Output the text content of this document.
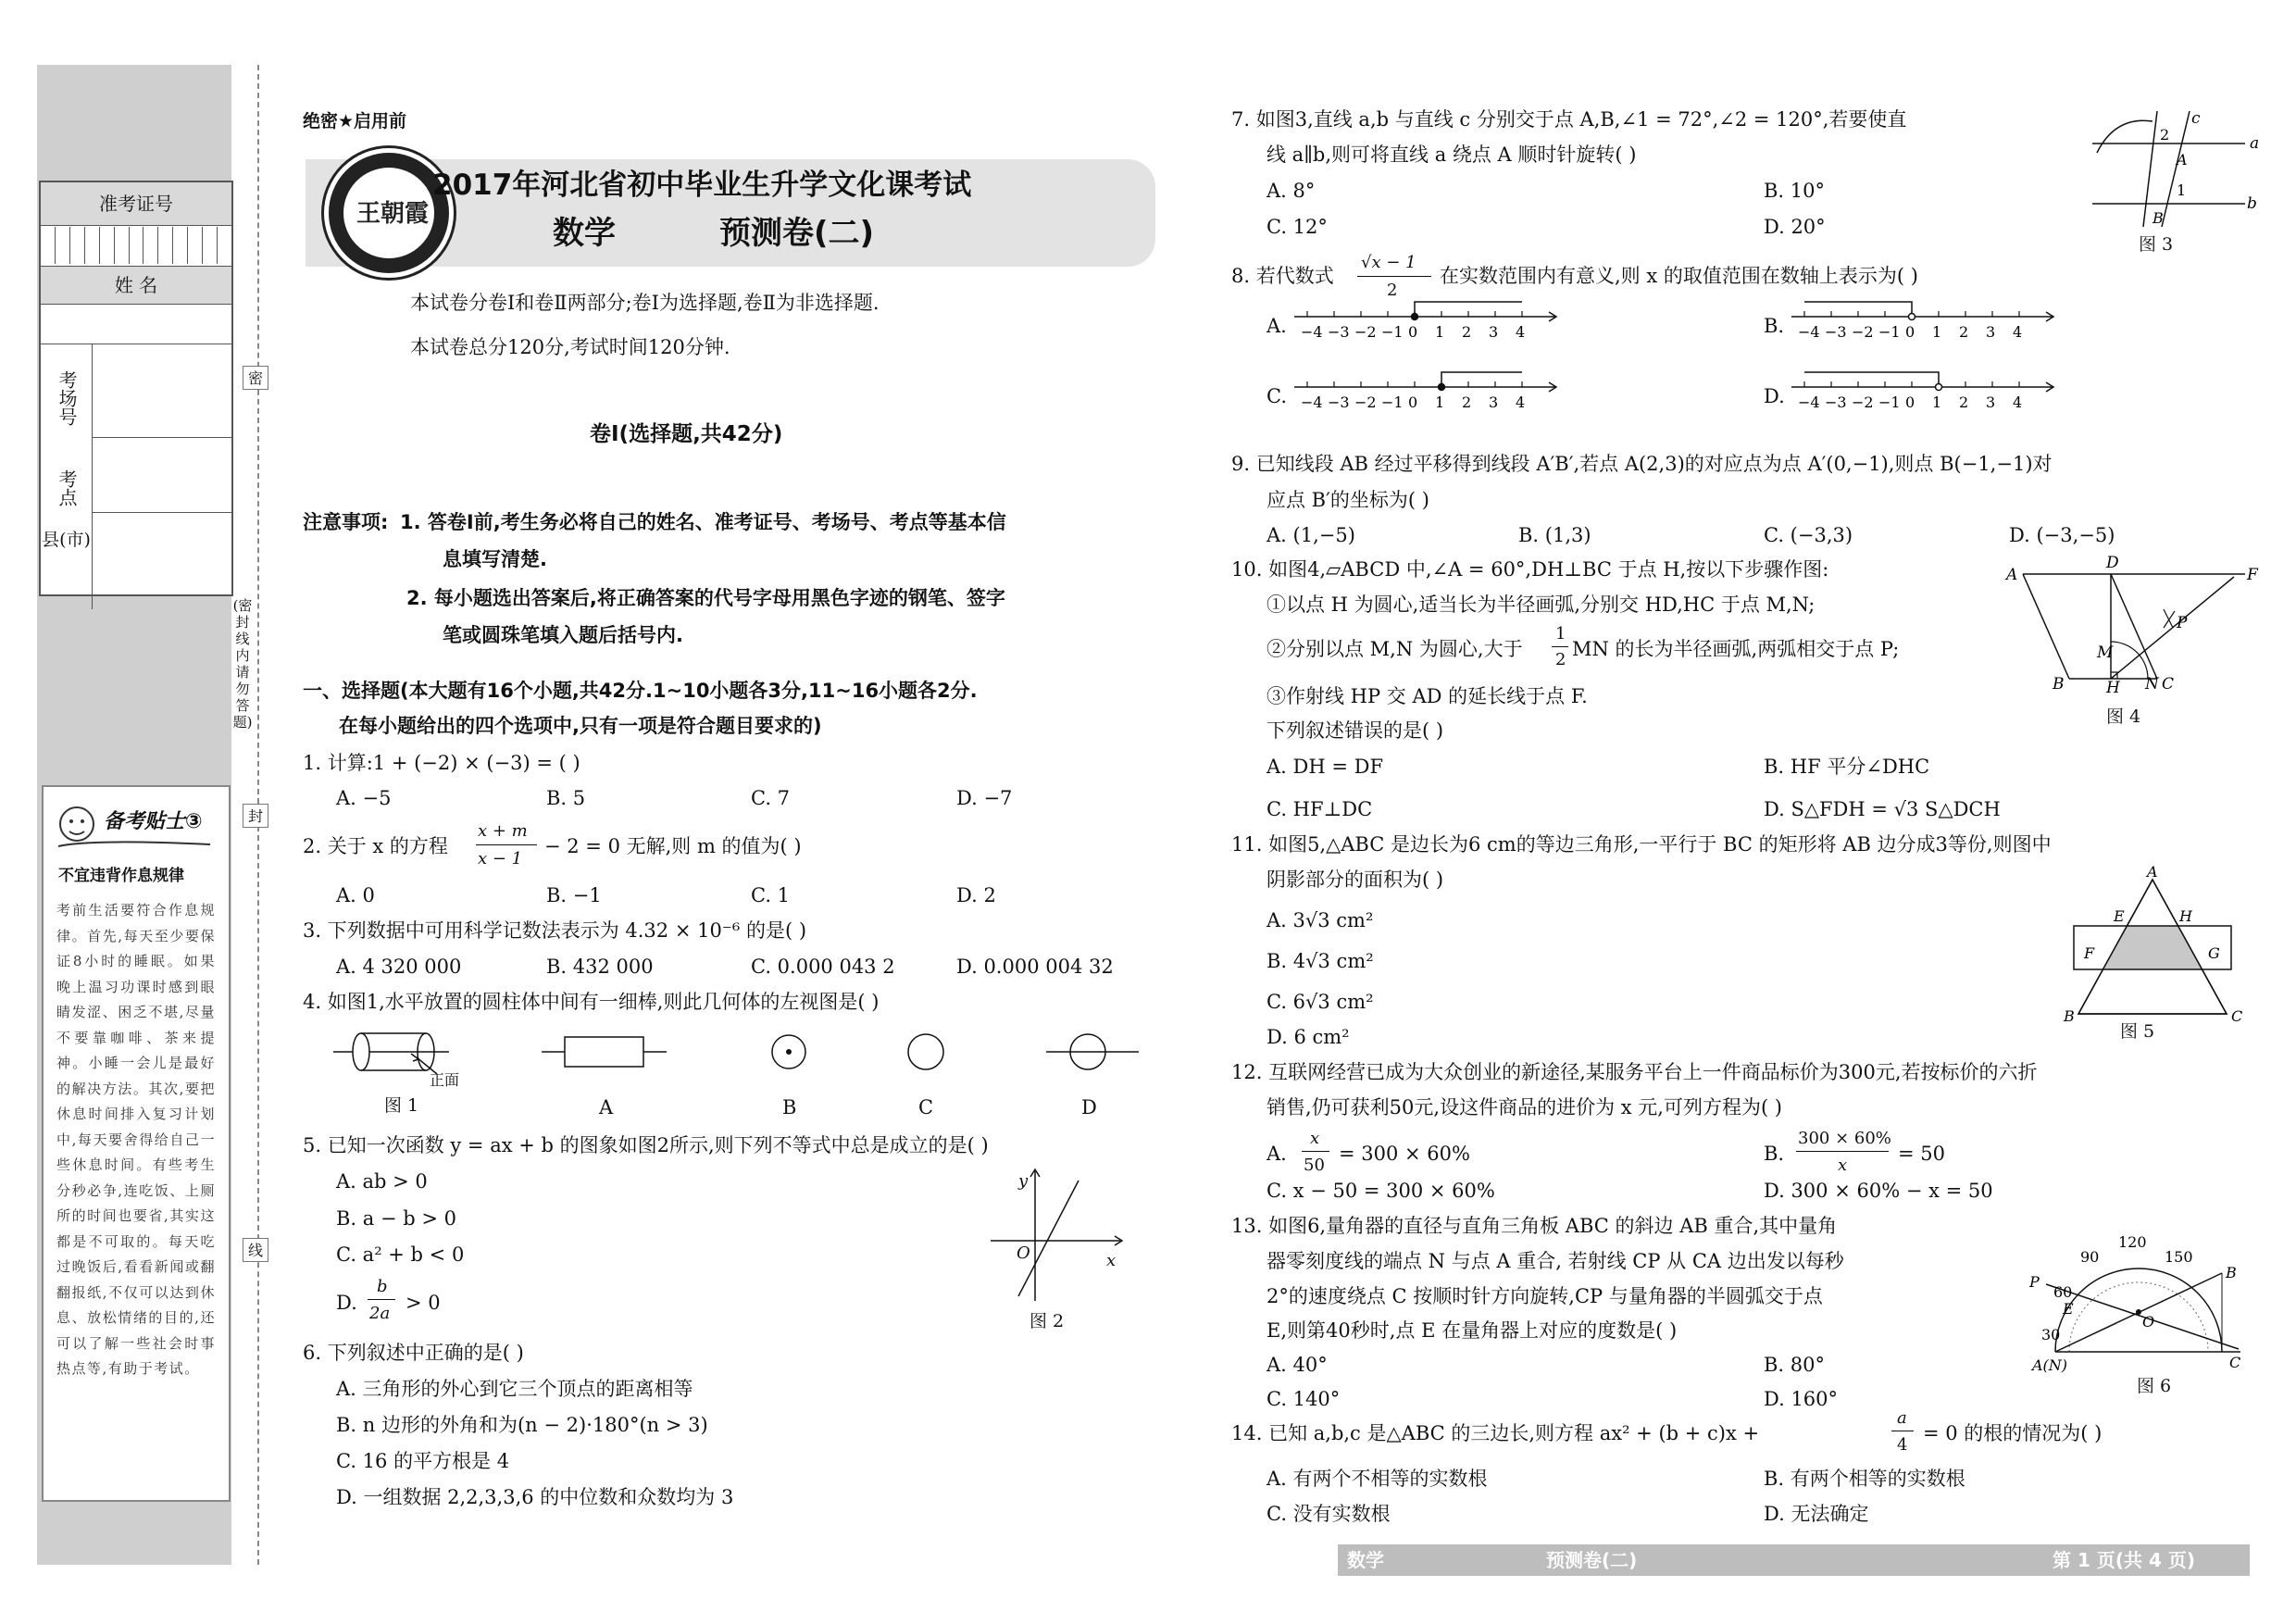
准考证号
姓 名
考场号
考点
县(市)
备考贴士③
不宜违背作息规律
考前生活要符合作息规律。首先,每天至少要保证8小时的睡眠。如果晚上温习功课时感到眼睛发涩、困乏不堪,尽量不要靠咖啡、茶来提神。小睡一会儿是最好的解决方法。其次,要把休息时间排入复习计划中,每天要舍得给自己一些休息时间。有些考生分秒必争,连吃饭、上厕所的时间也要省,其实这都是不可取的。每天吃过晚饭后,看看新闻或翻翻报纸,不仅可以达到休息、放松情绪的目的,还可以了解一些社会时事热点等,有助于考试。
密
(密封线内请勿答题)
封
线
绝密★启用前
王朝霞
2017年河北省初中毕业生升学文化课考试
数学	预测卷(二)
本试卷分卷Ⅰ和卷Ⅱ两部分;卷Ⅰ为选择题,卷Ⅱ为非选择题.
本试卷总分120分,考试时间120分钟.
卷Ⅰ(选择题,共42分)
注意事项: 1. 答卷Ⅰ前,考生务必将自己的姓名、准考证号、考场号、考点等基本信
息填写清楚.
2. 每小题选出答案后,将正确答案的代号字母用黑色字迹的钢笔、签字
笔或圆珠笔填入题后括号内.
一、选择题(本大题有16个小题,共42分.1~10小题各3分,11~16小题各2分.
在每小题给出的四个选项中,只有一项是符合题目要求的)
1. 计算:1 + (−2) × (−3) = ( )
A. −5	B. 5	C. 7	D. −7
2. 关于 x 的方程
x + m
x − 1
− 2 = 0 无解,则 m 的值为( )
A. 0	B. −1	C. 1	D. 2
3. 下列数据中可用科学记数法表示为 4.32 × 10⁻⁶ 的是( )
A. 4 320 000	B. 432 000	C. 0.000 043 2	D. 0.000 004 32
4. 如图1,水平放置的圆柱体中间有一细棒,则此几何体的左视图是( )
正面
图 1	A	B	C	D
5. 已知一次函数 y = ax + b 的图象如图2所示,则下列不等式中总是成立的是( )
A. ab > 0
B. a − b > 0
C. a² + b < 0
D.
b
2a > 0
y
x
O
图 2
6. 下列叙述中正确的是( )
A. 三角形的外心到它三个顶点的距离相等
B. n 边形的外角和为(n − 2)·180°(n > 3)
C. 16 的平方根是 4
D. 一组数据 2,2,3,3,6 的中位数和众数均为 3
7. 如图3,直线 a,b 与直线 c 分别交于点 A,B,∠1 = 72°,∠2 = 120°,若要使直
线 a∥b,则可将直线 a 绕点 A 顺时针旋转( )
A. 8°	B. 10°
C. 12°	D. 20°
a
b
c
2
1
A
B
图 3
8. 若代数式
√x − 1
2
在实数范围内有意义,则 x 的取值范围在数轴上表示为( )
A.	B.
C.	D.
−4 −3 −2 −1 0 1 2 3 4	−4 −3 −2 −1 0 1 2 3 4
−4 −3 −2 −1 0 1 2 3 4	−4 −3 −2 −1 0 1 2 3 4
9. 已知线段 AB 经过平移得到线段 A′B′,若点 A(2,3)的对应点为点 A′(0,−1),则点 B(−1,−1)对
应点 B′的坐标为( )
A. (1,−5)	B. (1,3)	C. (−3,3)	D. (−3,−5)
10. 如图4,▱ABCD 中,∠A = 60°,DH⊥BC 于点 H,按以下步骤作图:
①以点 H 为圆心,适当长为半径画弧,分别交 HD,HC 于点 M,N;
②分别以点 M,N 为圆心,大于
1
2 MN 的长为半径画弧,两弧相交于点 P;
③作射线 HP 交 AD 的延长线于点 F.
下列叙述错误的是( )
A. DH = DF	B. HF 平分∠DHC
C. HF⊥DC	D. S△FDH = √3 S△DCH
A
D
F
P
M
N C
H
B
图 4
11. 如图5,△ABC 是边长为6 cm的等边三角形,一平行于 BC 的矩形将 AB 边分成3等份,则图中
阴影部分的面积为( )
A. 3√3 cm²
B. 4√3 cm²
C. 6√3 cm²
D. 6 cm²
A
E	H
F	G
B	C
图 5
12. 互联网经营已成为大众创业的新途径,某服务平台上一件商品标价为300元,若按标价的六折
销售,仍可获利50元,设这件商品的进价为 x 元,可列方程为( )
A.
x
50
= 300 × 60%	B.
300 × 60%
x
= 50
C. x − 50 = 300 × 60%	D. 300 × 60% − x = 50
13. 如图6,量角器的直径与直角三角板 ABC 的斜边 AB 重合,其中量角
器零刻度线的端点 N 与点 A 重合, 若射线 CP 从 CA 边出发以每秒
2°的速度绕点 C 按顺时针方向旋转,CP 与量角器的半圆弧交于点
E,则第40秒时,点 E 在量角器上对应的度数是( )
A. 40°	B. 80°
C. 140°	D. 160°
P
E
B
O
C
A(N)
30
60
90
120
150
图 6
14. 已知 a,b,c 是△ABC 的三边长,则方程 ax² + (b + c)x +
a
4
= 0 的根的情况为( )
A. 有两个不相等的实数根	B. 有两个相等的实数根
C. 没有实数根	D. 无法确定
数学	预测卷(二)	第 1 页(共 4 页)
